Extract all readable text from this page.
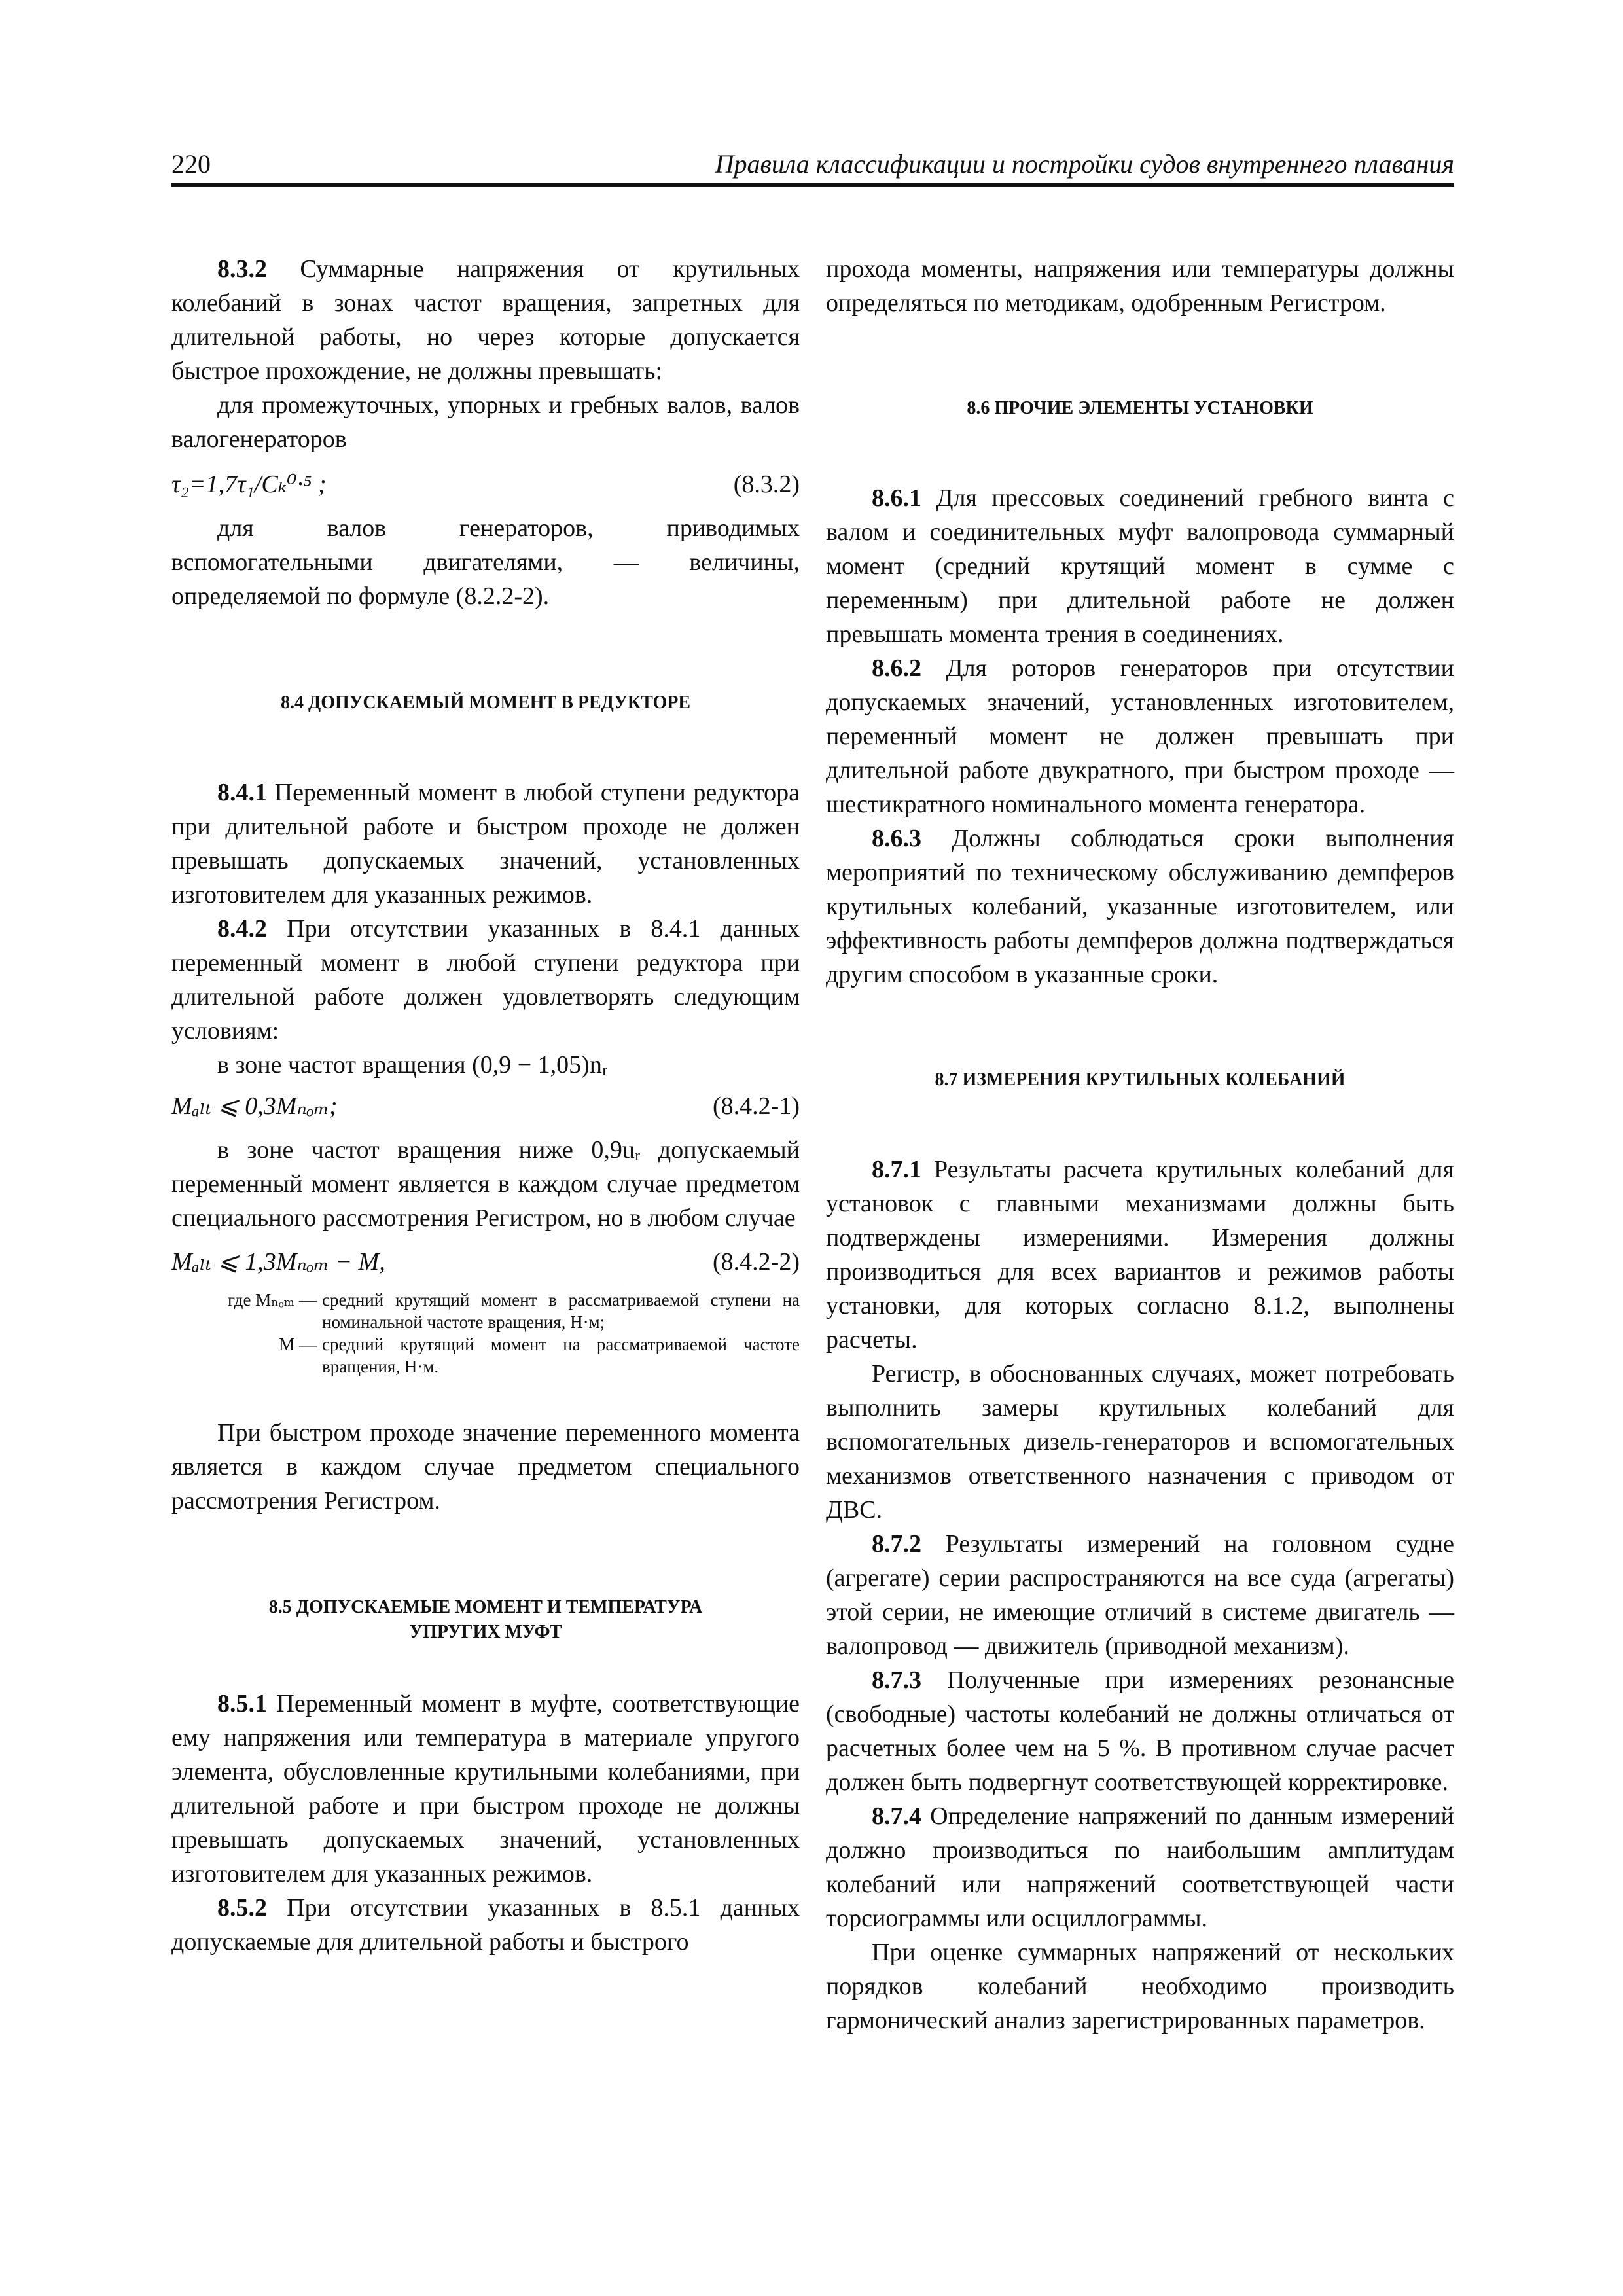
220	Правила классификации и постройки судов внутреннего плавания

8.3.2 Суммарные напряжения от крутильных колебаний в зонах частот вращения, запретных для длительной работы, но через которые допускается быстрое прохождение, не должны превышать:

для промежуточных, упорных и гребных валов, валов валогенераторов

τ₂=1,7τ₁/Cₖ⁰·⁵ ;	(8.3.2)

для валов генераторов, приводимых вспомогательными двигателями, — величины, определяемой по формуле (8.2.2-2).

8.4 ДОПУСКАЕМЫЙ МОМЕНТ В РЕДУКТОРЕ

8.4.1 Переменный момент в любой ступени редуктора при длительной работе и быстром проходе не должен превышать допускаемых значений, установленных изготовителем для указанных режимов.

8.4.2 При отсутствии указанных в 8.4.1 данных переменный момент в любой ступени редуктора при длительной работе должен удовлетворять следующим условиям:

в зоне частот вращения (0,9 − 1,05)nᵣ

Mₐₗₜ ⩽ 0,3Mₙₒₘ;	(8.4.2-1)

в зоне частот вращения ниже 0,9uᵣ допускаемый переменный момент является в каждом случае предметом специального рассмотрения Регистром, но в любом случае

Mₐₗₜ ⩽ 1,3Mₙₒₘ − M,	(8.4.2-2)
где Mₙₒₘ — средний крутящий момент в рассматриваемой ступени на номинальной частоте вращения, Н·м;
M — средний крутящий момент на рассматриваемой частоте вращения, Н·м.

При быстром проходе значение переменного момента является в каждом случае предметом специального рассмотрения Регистром.

8.5 ДОПУСКАЕМЫЕ МОМЕНТ И ТЕМПЕРАТУРА
УПРУГИХ МУФТ

8.5.1 Переменный момент в муфте, соответствующие ему напряжения или температура в материале упругого элемента, обусловленные крутильными колебаниями, при длительной работе и при быстром проходе не должны превышать допускаемых значений, установленных изготовителем для указанных режимов.

8.5.2 При отсутствии указанных в 8.5.1 данных допускаемые для длительной работы и быстрого

прохода моменты, напряжения или температуры должны определяться по методикам, одобренным Регистром.

8.6 ПРОЧИЕ ЭЛЕМЕНТЫ УСТАНОВКИ

8.6.1 Для прессовых соединений гребного винта с валом и соединительных муфт валопровода суммарный момент (средний крутящий момент в сумме с переменным) при длительной работе не должен превышать момента трения в соединениях.

8.6.2 Для роторов генераторов при отсутствии допускаемых значений, установленных изготовителем, переменный момент не должен превышать при длительной работе двукратного, при быстром проходе — шестикратного номинального момента генератора.

8.6.3 Должны соблюдаться сроки выполнения мероприятий по техническому обслуживанию демпферов крутильных колебаний, указанные изготовителем, или эффективность работы демпферов должна подтверждаться другим способом в указанные сроки.

8.7 ИЗМЕРЕНИЯ КРУТИЛЬНЫХ КОЛЕБАНИЙ

8.7.1 Результаты расчета крутильных колебаний для установок с главными механизмами должны быть подтверждены измерениями. Измерения должны производиться для всех вариантов и режимов работы установки, для которых согласно 8.1.2, выполнены расчеты.

Регистр, в обоснованных случаях, может потребовать выполнить замеры крутильных колебаний для вспомогательных дизель-генераторов и вспомогательных механизмов ответственного назначения с приводом от ДВС.

8.7.2 Результаты измерений на головном судне (агрегате) серии распространяются на все суда (агрегаты) этой серии, не имеющие отличий в системе двигатель — валопровод — движитель (приводной механизм).

8.7.3 Полученные при измерениях резонансные (свободные) частоты колебаний не должны отличаться от расчетных более чем на 5 %. В противном случае расчет должен быть подвергнут соответствующей корректировке.

8.7.4 Определение напряжений по данным измерений должно производиться по наибольшим амплитудам колебаний или напряжений соответствующей части торсиограммы или осциллограммы.

При оценке суммарных напряжений от нескольких порядков колебаний необходимо производить гармонический анализ зарегистрированных параметров.
